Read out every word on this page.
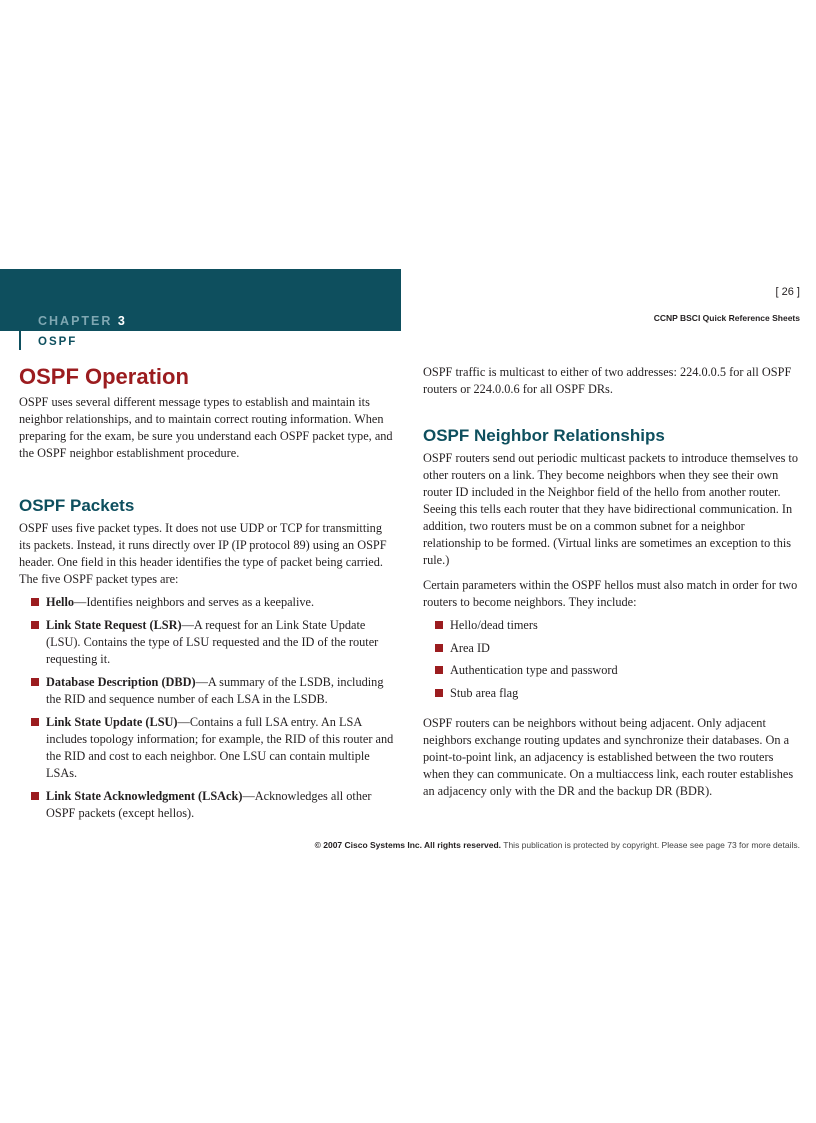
CHAPTER 3
OSPF
[ 26 ]
CCNP BSCI Quick Reference Sheets
OSPF Operation

OSPF uses several different message types to establish and maintain its neighbor relationships, and to maintain correct routing information. When preparing for the exam, be sure you understand each OSPF packet type, and the OSPF neighbor establishment procedure.

OSPF Packets

OSPF uses five packet types. It does not use UDP or TCP for transmitting its packets. Instead, it runs directly over IP (IP protocol 89) using an OSPF header. One field in this header identifies the type of packet being carried. The five OSPF packet types are:

Hello—Identifies neighbors and serves as a keepalive.
Link State Request (LSR)—A request for an Link State Update (LSU). Contains the type of LSU requested and the ID of the router requesting it.
Database Description (DBD)—A summary of the LSDB, including the RID and sequence number of each LSA in the LSDB.
Link State Update (LSU)—Contains a full LSA entry. An LSA includes topology information; for example, the RID of this router and the RID and cost to each neighbor. One LSU can contain multiple LSAs.
Link State Acknowledgment (LSAck)—Acknowledges all other OSPF packets (except hellos).

OSPF traffic is multicast to either of two addresses: 224.0.0.5 for all OSPF routers or 224.0.0.6 for all OSPF DRs.

OSPF Neighbor Relationships

OSPF routers send out periodic multicast packets to introduce themselves to other routers on a link. They become neighbors when they see their own router ID included in the Neighbor field of the hello from another router. Seeing this tells each router that they have bidirectional communication. In addition, two routers must be on a common subnet for a neighbor relationship to be formed. (Virtual links are sometimes an exception to this rule.)

Certain parameters within the OSPF hellos must also match in order for two routers to become neighbors. They include:

Hello/dead timers
Area ID
Authentication type and password
Stub area flag

OSPF routers can be neighbors without being adjacent. Only adjacent neighbors exchange routing updates and synchronize their databases. On a point-to-point link, an adjacency is established between the two routers when they can communicate. On a multiaccess link, each router establishes an adjacency only with the DR and the backup DR (BDR).

© 2007 Cisco Systems Inc. All rights reserved. This publication is protected by copyright. Please see page 73 for more details.
